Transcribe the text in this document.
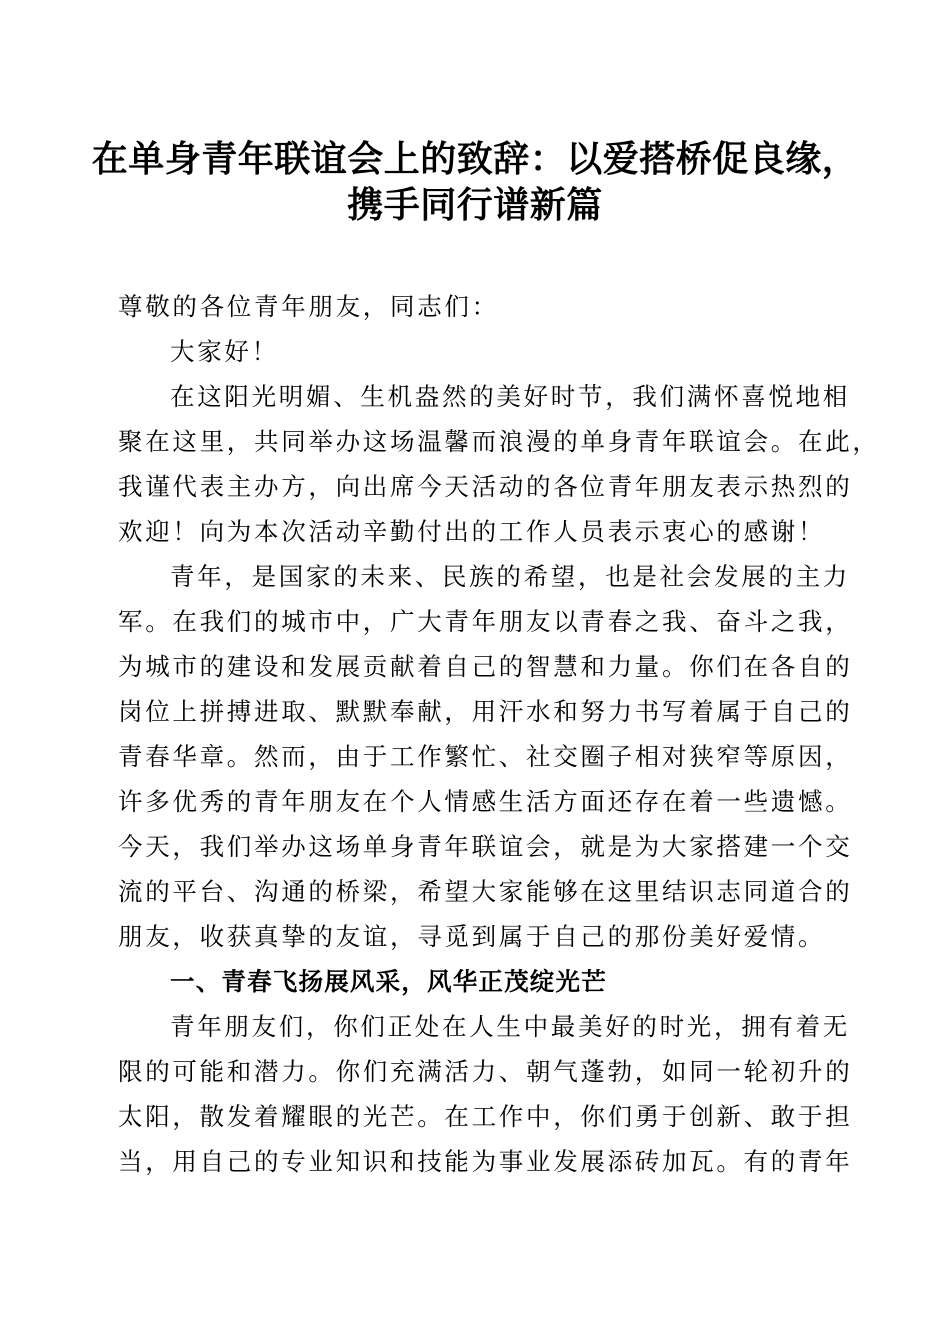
在单身青年联谊会上的致辞：以爱搭桥促良缘，
携手同行谱新篇
尊敬的各位青年朋友，同志们：
大家好！
在这阳光明媚、生机盎然的美好时节，我们满怀喜悦地相
聚在这里，共同举办这场温馨而浪漫的单身青年联谊会。在此，
我谨代表主办方，向出席今天活动的各位青年朋友表示热烈的
欢迎！向为本次活动辛勤付出的工作人员表示衷心的感谢！
青年，是国家的未来、民族的希望，也是社会发展的主力
军。在我们的城市中，广大青年朋友以青春之我、奋斗之我，
为城市的建设和发展贡献着自己的智慧和力量。你们在各自的
岗位上拼搏进取、默默奉献，用汗水和努力书写着属于自己的
青春华章。然而，由于工作繁忙、社交圈子相对狭窄等原因，
许多优秀的青年朋友在个人情感生活方面还存在着一些遗憾。
今天，我们举办这场单身青年联谊会，就是为大家搭建一个交
流的平台、沟通的桥梁，希望大家能够在这里结识志同道合的
朋友，收获真挚的友谊，寻觅到属于自己的那份美好爱情。
一、青春飞扬展风采，风华正茂绽光芒
青年朋友们，你们正处在人生中最美好的时光，拥有着无
限的可能和潜力。你们充满活力、朝气蓬勃，如同一轮初升的
太阳，散发着耀眼的光芒。在工作中，你们勇于创新、敢于担
当，用自己的专业知识和技能为事业发展添砖加瓦。有的青年
